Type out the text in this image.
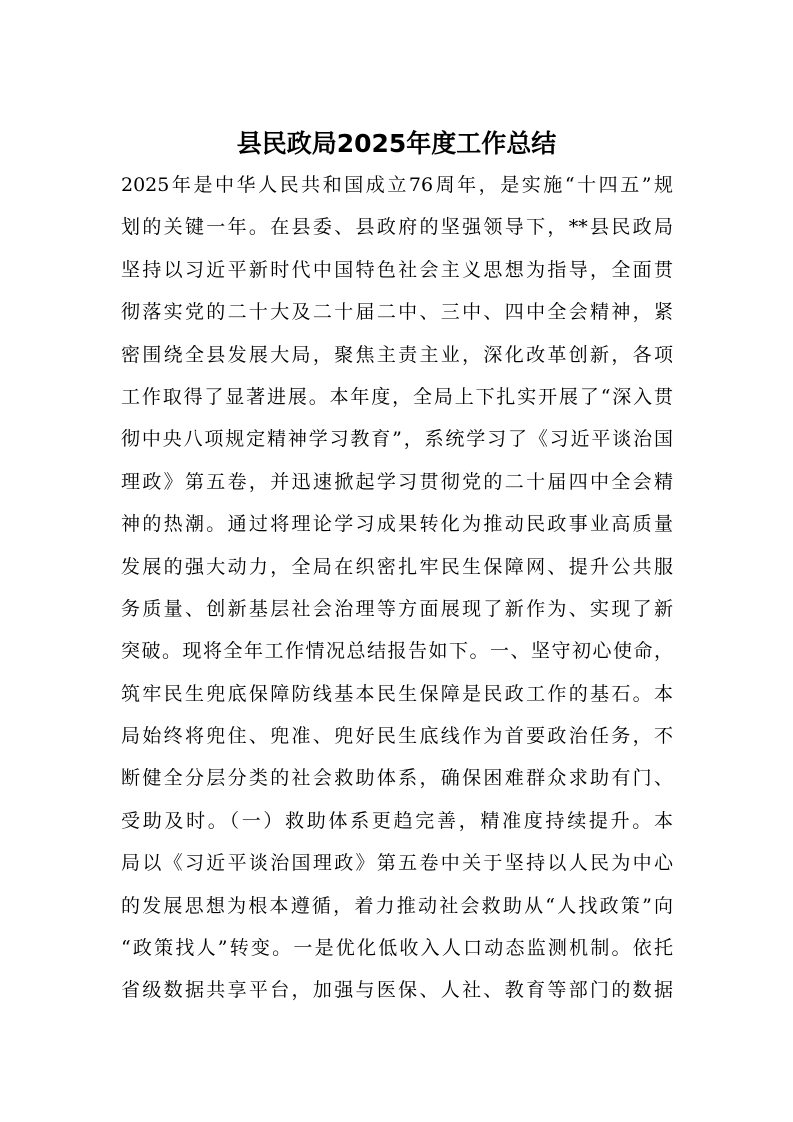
县民政局2025年度工作总结
2025年是中华人民共和国成立76周年，是实施“十四五”规
划的关键一年。在县委、县政府的坚强领导下，**县民政局
坚持以习近平新时代中国特色社会主义思想为指导，全面贯
彻落实党的二十大及二十届二中、三中、四中全会精神，紧
密围绕全县发展大局，聚焦主责主业，深化改革创新，各项
工作取得了显著进展。本年度，全局上下扎实开展了“深入贯
彻中央八项规定精神学习教育”，系统学习了《习近平谈治国
理政》第五卷，并迅速掀起学习贯彻党的二十届四中全会精
神的热潮。通过将理论学习成果转化为推动民政事业高质量
发展的强大动力，全局在织密扎牢民生保障网、提升公共服
务质量、创新基层社会治理等方面展现了新作为、实现了新
突破。现将全年工作情况总结报告如下。一、坚守初心使命，
筑牢民生兜底保障防线基本民生保障是民政工作的基石。本
局始终将兜住、兜准、兜好民生底线作为首要政治任务，不
断健全分层分类的社会救助体系，确保困难群众求助有门、
受助及时。（一）救助体系更趋完善，精准度持续提升。本
局以《习近平谈治国理政》第五卷中关于坚持以人民为中心
的发展思想为根本遵循，着力推动社会救助从“人找政策”向
“政策找人”转变。一是优化低收入人口动态监测机制。依托
省级数据共享平台，加强与医保、人社、教育等部门的数据
